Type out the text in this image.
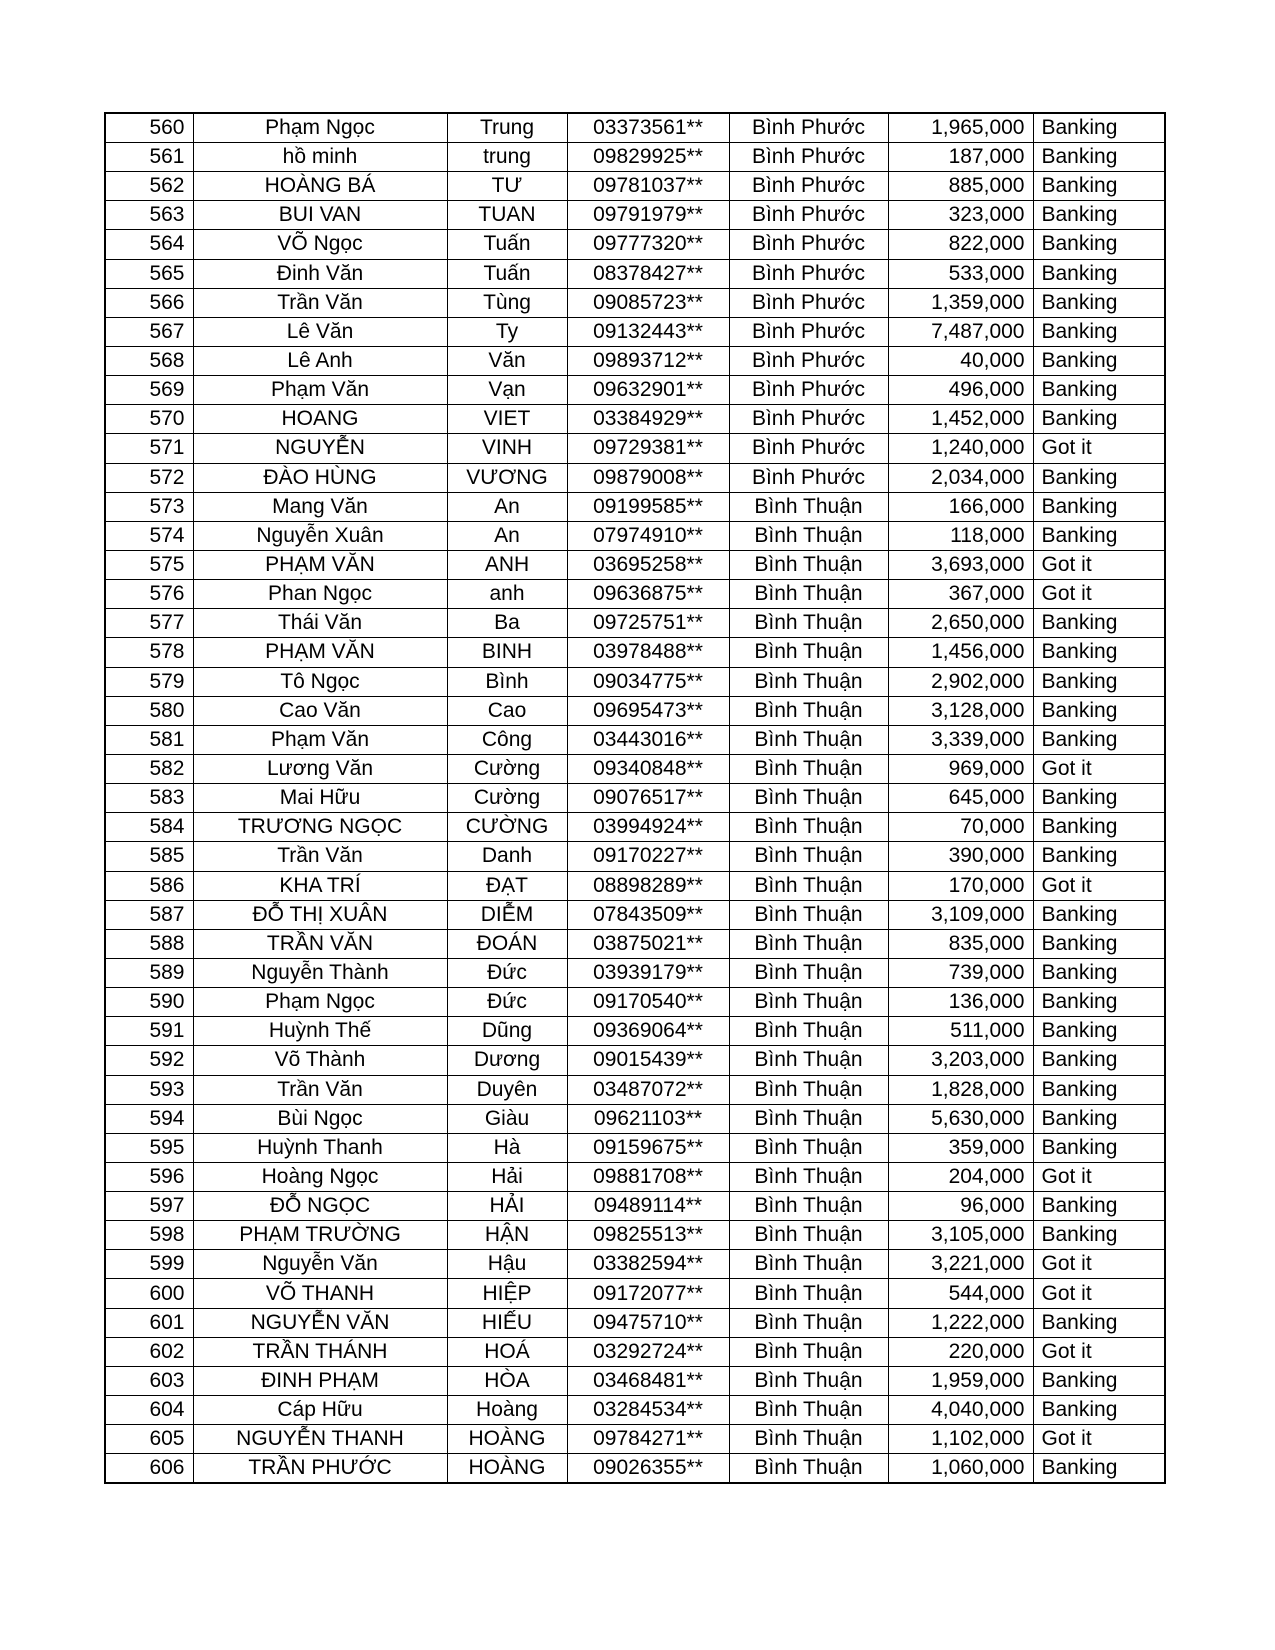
560	Phạm Ngọc	Trung	03373561**	Bình Phước	1,965,000	Banking
561	hồ minh	trung	09829925**	Bình Phước	187,000	Banking
562	HOÀNG BÁ	TƯ	09781037**	Bình Phước	885,000	Banking
563	BUI VAN	TUAN	09791979**	Bình Phước	323,000	Banking
564	VÕ Ngọc	Tuấn	09777320**	Bình Phước	822,000	Banking
565	Đinh Văn	Tuấn	08378427**	Bình Phước	533,000	Banking
566	Trần Văn	Tùng	09085723**	Bình Phước	1,359,000	Banking
567	Lê Văn	Ty	09132443**	Bình Phước	7,487,000	Banking
568	Lê Anh	Văn	09893712**	Bình Phước	40,000	Banking
569	Phạm Văn	Vạn	09632901**	Bình Phước	496,000	Banking
570	HOANG	VIET	03384929**	Bình Phước	1,452,000	Banking
571	NGUYỄN	VINH	09729381**	Bình Phước	1,240,000	Got it
572	ĐÀO HÙNG	VƯƠNG	09879008**	Bình Phước	2,034,000	Banking
573	Mang Văn	An	09199585**	Bình Thuận	166,000	Banking
574	Nguyễn Xuân	An	07974910**	Bình Thuận	118,000	Banking
575	PHẠM VĂN	ANH	03695258**	Bình Thuận	3,693,000	Got it
576	Phan Ngọc	anh	09636875**	Bình Thuận	367,000	Got it
577	Thái Văn	Ba	09725751**	Bình Thuận	2,650,000	Banking
578	PHẠM VĂN	BINH	03978488**	Bình Thuận	1,456,000	Banking
579	Tô Ngọc	Bình	09034775**	Bình Thuận	2,902,000	Banking
580	Cao Văn	Cao	09695473**	Bình Thuận	3,128,000	Banking
581	Phạm Văn	Công	03443016**	Bình Thuận	3,339,000	Banking
582	Lương Văn	Cường	09340848**	Bình Thuận	969,000	Got it
583	Mai Hữu	Cường	09076517**	Bình Thuận	645,000	Banking
584	TRƯƠNG NGỌC	CƯỜNG	03994924**	Bình Thuận	70,000	Banking
585	Trần Văn	Danh	09170227**	Bình Thuận	390,000	Banking
586	KHA TRÍ	ĐẠT	08898289**	Bình Thuận	170,000	Got it
587	ĐỖ THỊ XUÂN	DIỄM	07843509**	Bình Thuận	3,109,000	Banking
588	TRẦN VĂN	ĐOÁN	03875021**	Bình Thuận	835,000	Banking
589	Nguyễn Thành	Đức	03939179**	Bình Thuận	739,000	Banking
590	Phạm Ngọc	Đức	09170540**	Bình Thuận	136,000	Banking
591	Huỳnh Thế	Dũng	09369064**	Bình Thuận	511,000	Banking
592	Võ Thành	Dương	09015439**	Bình Thuận	3,203,000	Banking
593	Trần Văn	Duyên	03487072**	Bình Thuận	1,828,000	Banking
594	Bùi Ngọc	Giàu	09621103**	Bình Thuận	5,630,000	Banking
595	Huỳnh Thanh	Hà	09159675**	Bình Thuận	359,000	Banking
596	Hoàng Ngọc	Hải	09881708**	Bình Thuận	204,000	Got it
597	ĐỖ NGỌC	HẢI	09489114**	Bình Thuận	96,000	Banking
598	PHẠM TRƯỜNG	HẬN	09825513**	Bình Thuận	3,105,000	Banking
599	Nguyễn Văn	Hậu	03382594**	Bình Thuận	3,221,000	Got it
600	VÕ THANH	HIỆP	09172077**	Bình Thuận	544,000	Got it
601	NGUYỄN VĂN	HIẾU	09475710**	Bình Thuận	1,222,000	Banking
602	TRẦN THÁNH	HOÁ	03292724**	Bình Thuận	220,000	Got it
603	ĐINH PHẠM	HÒA	03468481**	Bình Thuận	1,959,000	Banking
604	Cáp Hữu	Hoàng	03284534**	Bình Thuận	4,040,000	Banking
605	NGUYỄN THANH	HOÀNG	09784271**	Bình Thuận	1,102,000	Got it
606	TRẦN PHƯỚC	HOÀNG	09026355**	Bình Thuận	1,060,000	Banking
